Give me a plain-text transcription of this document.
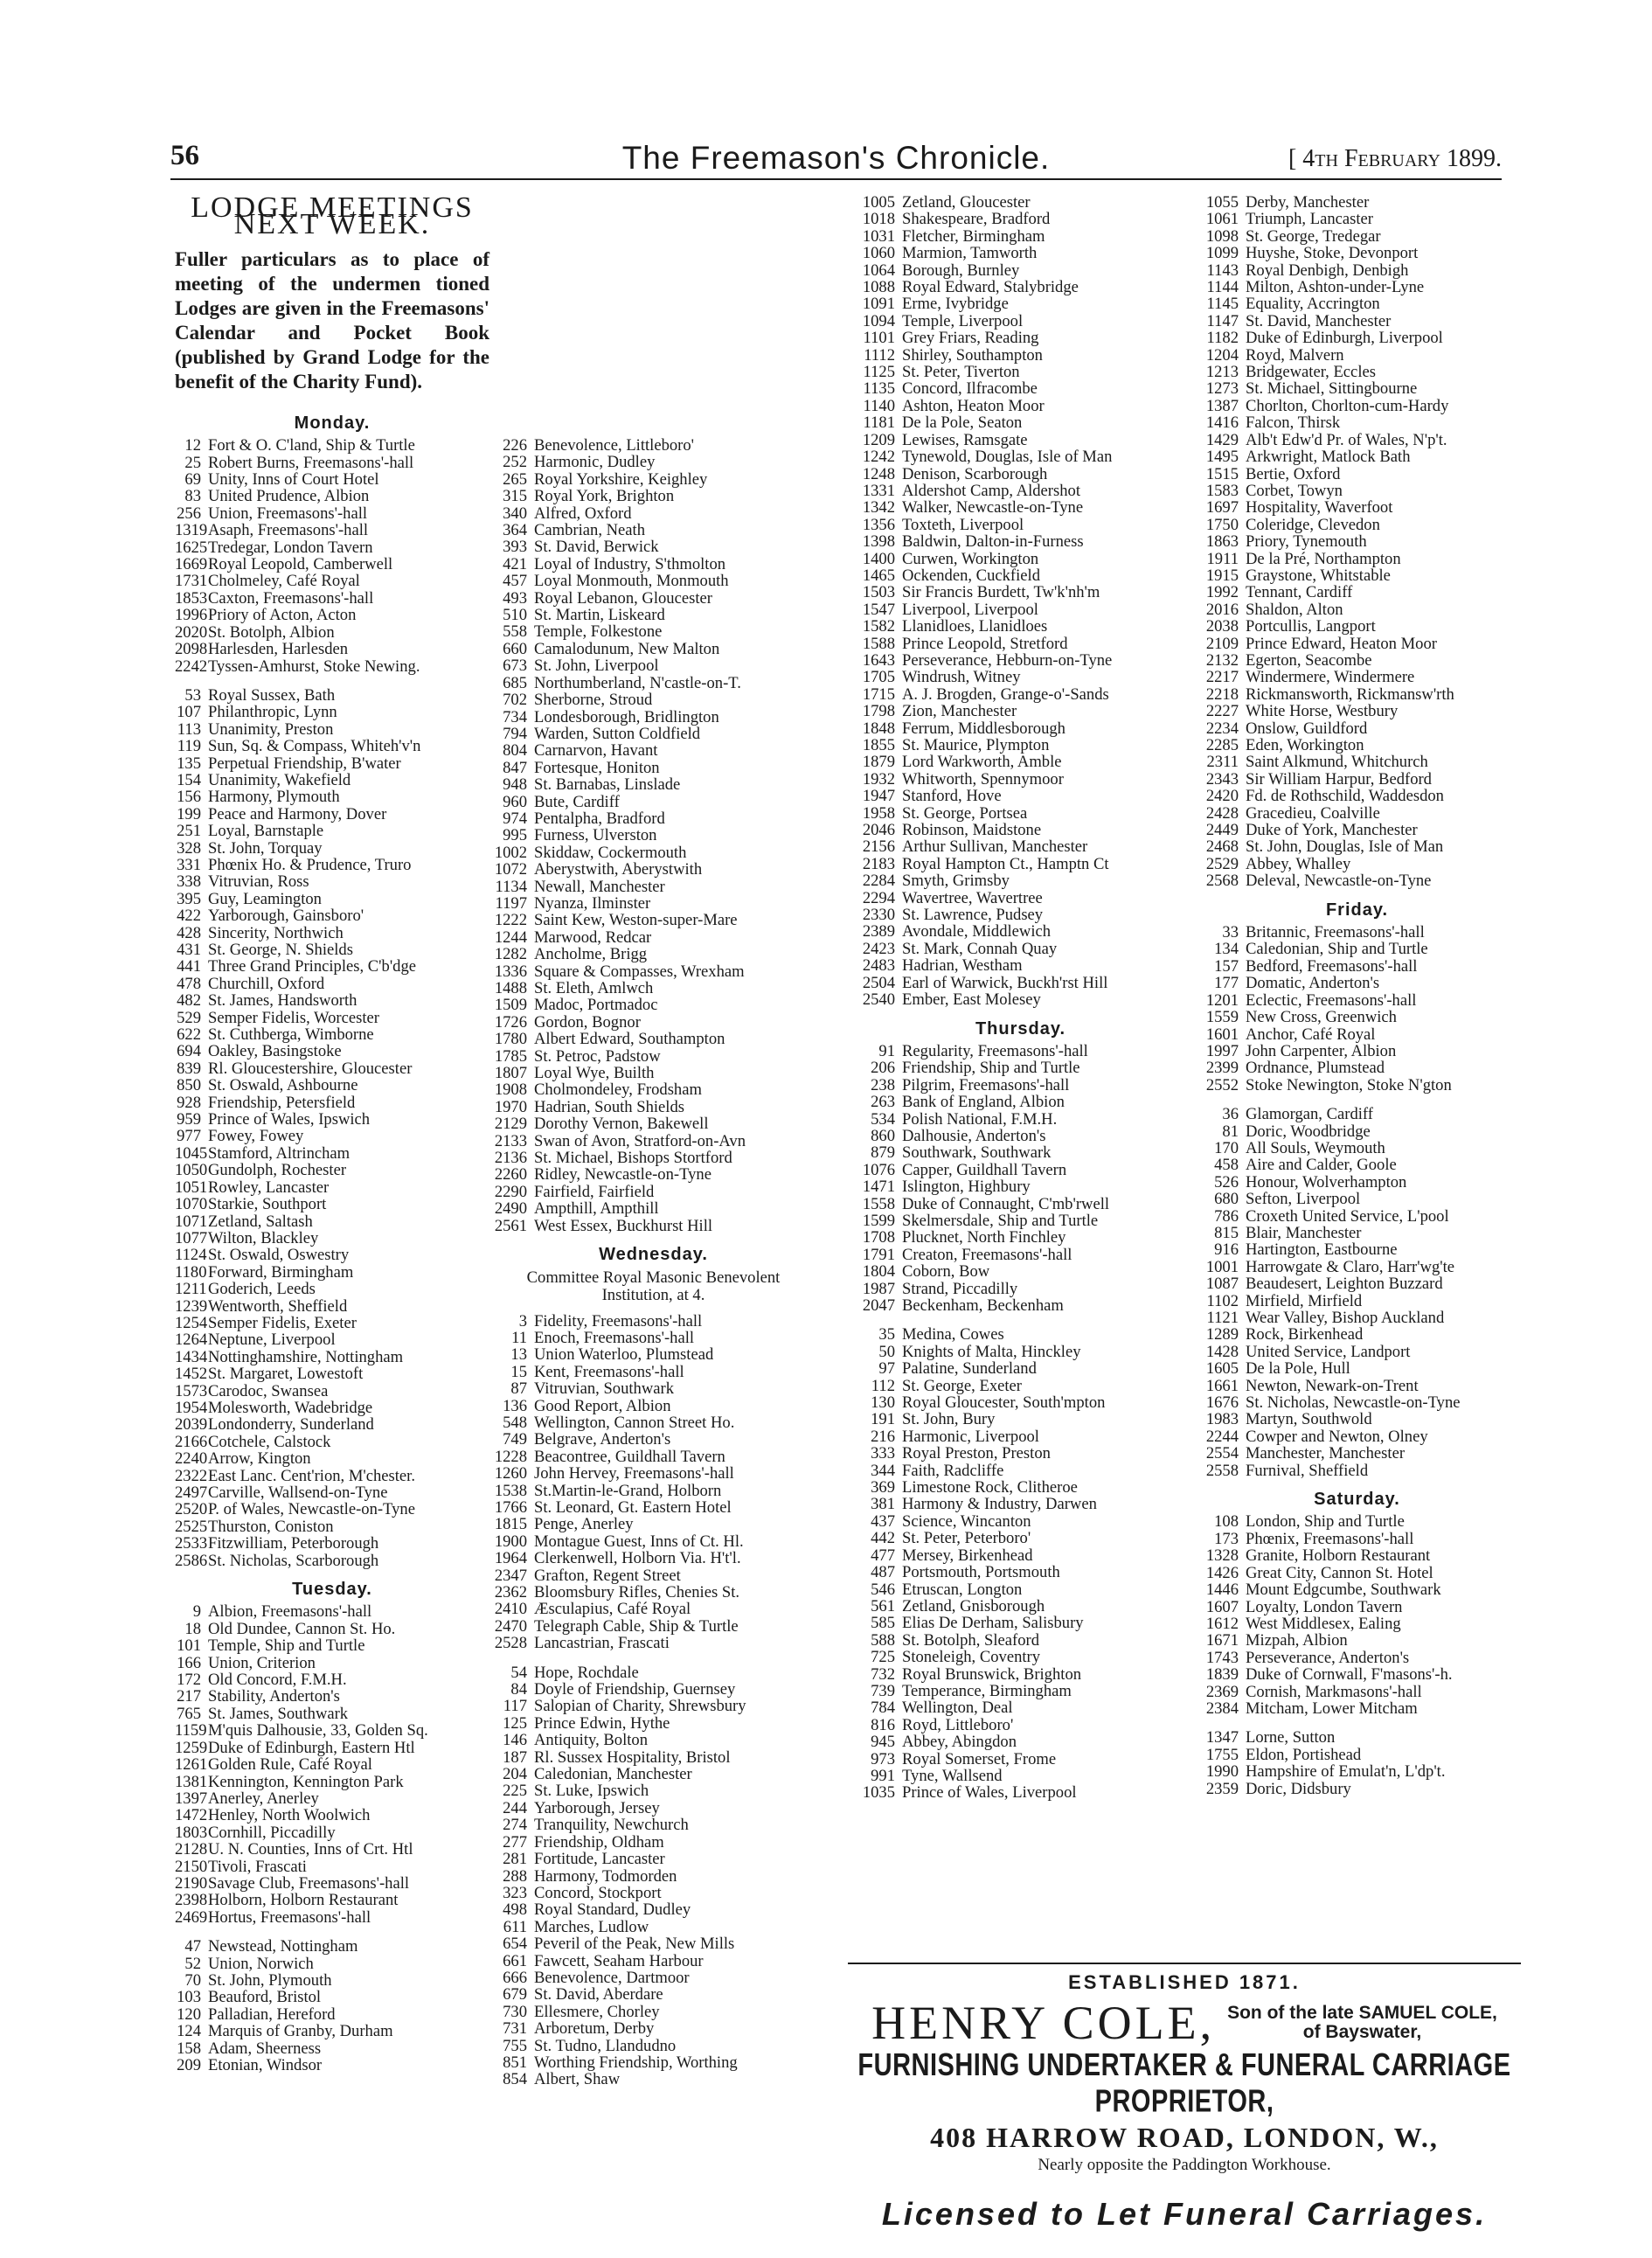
56	The Freemason's Chronicle.	[ 4th February 1899.
LODGE MEETINGS NEXT WEEK.
Fuller particulars as to place of meeting of the undermen tioned Lodges are given in the Freemasons' Calendar and Pocket Book (published by Grand Lodge for the benefit of the Charity Fund).
Monday.
12 Fort & O. C'land, Ship & Turtle
25 Robert Burns, Freemasons'-hall
69 Unity, Inns of Court Hotel
83 United Prudence, Albion
256 Union, Freemasons'-hall
1319 Asaph, Freemasons'-hall
1625 Tredegar, London Tavern
1669 Royal Leopold, Camberwell
1731 Cholmeley, Café Royal
1853 Caxton, Freemasons'-hall
1996 Priory of Acton, Acton
2020 St. Botolph, Albion
2098 Harlesden, Harlesden
2242 Tyssen-Amhurst, Stoke Newing.
53 Royal Sussex, Bath
107 Philanthropic, Lynn
113 Unanimity, Preston
119 Sun, Sq. & Compass, Whiteh'v'n
135 Perpetual Friendship, B'water
154 Unanimity, Wakefield
156 Harmony, Plymouth
199 Peace and Harmony, Dover
251 Loyal, Barnstaple
328 St. John, Torquay
331 Phœnix Ho. & Prudence, Truro
338 Vitruvian, Ross
395 Guy, Leamington
422 Yarborough, Gainsboro'
428 Sincerity, Northwich
431 St. George, N. Shields
441 Three Grand Principles, C'b'dge
478 Churchill, Oxford
482 St. James, Handsworth
529 Semper Fidelis, Worcester
622 St. Cuthberga, Wimborne
694 Oakley, Basingstoke
839 Rl. Gloucestershire, Gloucester
850 St. Oswald, Ashbourne
928 Friendship, Petersfield
959 Prince of Wales, Ipswich
977 Fowey, Fowey
1045 Stamford, Altrincham
1050 Gundolph, Rochester
1051 Rowley, Lancaster
1070 Starkie, Southport
1071 Zetland, Saltash
1077 Wilton, Blackley
1124 St. Oswald, Oswestry
1180 Forward, Birmingham
1211 Goderich, Leeds
1239 Wentworth, Sheffield
1254 Semper Fidelis, Exeter
1264 Neptune, Liverpool
1434 Nottinghamshire, Nottingham
1452 St. Margaret, Lowestoft
1573 Carodoc, Swansea
1954 Molesworth, Wadebridge
2039 Londonderry, Sunderland
2166 Cotchele, Calstock
2240 Arrow, Kington
2322 East Lanc. Cent'rion, M'chester.
2497 Carville, Wallsend-on-Tyne
2520 P. of Wales, Newcastle-on-Tyne
2525 Thurston, Coniston
2533 Fitzwilliam, Peterborough
2586 St. Nicholas, Scarborough
Tuesday.
9 Albion, Freemasons'-hall
18 Old Dundee, Cannon St. Ho.
101 Temple, Ship and Turtle
166 Union, Criterion
172 Old Concord, F.M.H.
217 Stability, Anderton's
765 St. James, Southwark
1159 M'quis Dalhousie, 33, Golden Sq.
1259 Duke of Edinburgh, Eastern Htl
1261 Golden Rule, Café Royal
1381 Kennington, Kennington Park
1397 Anerley, Anerley
1472 Henley, North Woolwich
1803 Cornhill, Piccadilly
2128 U. N. Counties, Inns of Crt. Htl
2150 Tivoli, Frascati
2190 Savage Club, Freemasons'-hall
2398 Holborn, Holborn Restaurant
2469 Hortus, Freemasons'-hall
47 Newstead, Nottingham
52 Union, Norwich
70 St. John, Plymouth
103 Beauford, Bristol
120 Palladian, Hereford
124 Marquis of Granby, Durham
158 Adam, Sheerness
209 Etonian, Windsor
226 Benevolence, Littleboro'
252 Harmonic, Dudley
265 Royal Yorkshire, Keighley
315 Royal York, Brighton
340 Alfred, Oxford
364 Cambrian, Neath
393 St. David, Berwick
421 Loyal of Industry, S'thmolton
457 Loyal Monmouth, Monmouth
493 Royal Lebanon, Gloucester
510 St. Martin, Liskeard
558 Temple, Folkestone
660 Camalodunum, New Malton
673 St. John, Liverpool
685 Northumberland, N'castle-on-T.
702 Sherborne, Stroud
734 Londesborough, Bridlington
794 Warden, Sutton Coldfield
804 Carnarvon, Havant
847 Fortesque, Honiton
948 St. Barnabas, Linslade
960 Bute, Cardiff
974 Pentalpha, Bradford
995 Furness, Ulverston
1002 Skiddaw, Cockermouth
1072 Aberystwith, Aberystwith
1134 Newall, Manchester
1197 Nyanza, Ilminster
1222 Saint Kew, Weston-super-Mare
1244 Marwood, Redcar
1282 Ancholme, Brigg
1336 Square & Compasses, Wrexham
1488 St. Eleth, Amlwch
1509 Madoc, Portmadoc
1726 Gordon, Bognor
1780 Albert Edward, Southampton
1785 St. Petroc, Padstow
1807 Loyal Wye, Builth
1908 Cholmondeley, Frodsham
1970 Hadrian, South Shields
2129 Dorothy Vernon, Bakewell
2133 Swan of Avon, Stratford-on-Avn
2136 St. Michael, Bishops Stortford
2260 Ridley, Newcastle-on-Tyne
2290 Fairfield, Fairfield
2490 Ampthill, Ampthill
2561 West Essex, Buckhurst Hill
Wednesday.
Committee Royal Masonic Benevolent Institution, at 4.
3 Fidelity, Freemasons'-hall
11 Enoch, Freemasons'-hall
13 Union Waterloo, Plumstead
15 Kent, Freemasons'-hall
87 Vitruvian, Southwark
136 Good Report, Albion
548 Wellington, Cannon Street Ho.
749 Belgrave, Anderton's
1228 Beacontree, Guildhall Tavern
1260 John Hervey, Freemasons'-hall
1538 St.Martin-le-Grand, Holborn
1766 St. Leonard, Gt. Eastern Hotel
1815 Penge, Anerley
1900 Montague Guest, Inns of Ct. Hl.
1964 Clerkenwell, Holborn Via. H't'l.
2347 Grafton, Regent Street
2362 Bloomsbury Rifles, Chenies St.
2410 Æsculapius, Café Royal
2470 Telegraph Cable, Ship & Turtle
2528 Lancastrian, Frascati
54 Hope, Rochdale
84 Doyle of Friendship, Guernsey
117 Salopian of Charity, Shrewsbury
125 Prince Edwin, Hythe
146 Antiquity, Bolton
187 Rl. Sussex Hospitality, Bristol
204 Caledonian, Manchester
225 St. Luke, Ipswich
244 Yarborough, Jersey
274 Tranquility, Newchurch
277 Friendship, Oldham
281 Fortitude, Lancaster
288 Harmony, Todmorden
323 Concord, Stockport
498 Royal Standard, Dudley
611 Marches, Ludlow
654 Peveril of the Peak, New Mills
661 Fawcett, Seaham Harbour
666 Benevolence, Dartmoor
679 St. David, Aberdare
730 Ellesmere, Chorley
731 Arboretum, Derby
755 St. Tudno, Llandudno
851 Worthing Friendship, Worthing
854 Albert, Shaw
1005 Zetland, Gloucester
1018 Shakespeare, Bradford
1031 Fletcher, Birmingham
1060 Marmion, Tamworth
1064 Borough, Burnley
1088 Royal Edward, Stalybridge
1091 Erme, Ivybridge
1094 Temple, Liverpool
1101 Grey Friars, Reading
1112 Shirley, Southampton
1125 St. Peter, Tiverton
1135 Concord, Ilfracombe
1140 Ashton, Heaton Moor
1181 De la Pole, Seaton
1209 Lewises, Ramsgate
1242 Tynewold, Douglas, Isle of Man
1248 Denison, Scarborough
1331 Aldershot Camp, Aldershot
1342 Walker, Newcastle-on-Tyne
1356 Toxteth, Liverpool
1398 Baldwin, Dalton-in-Furness
1400 Curwen, Workington
1465 Ockenden, Cuckfield
1503 Sir Francis Burdett, Tw'k'nh'm
1547 Liverpool, Liverpool
1582 Llanidloes, Llanidloes
1588 Prince Leopold, Stretford
1643 Perseverance, Hebburn-on-Tyne
1705 Windrush, Witney
1715 A. J. Brogden, Grange-o'-Sands
1798 Zion, Manchester
1848 Ferrum, Middlesborough
1855 St. Maurice, Plympton
1879 Lord Warkworth, Amble
1932 Whitworth, Spennymoor
1947 Stanford, Hove
1958 St. George, Portsea
2046 Robinson, Maidstone
2156 Arthur Sullivan, Manchester
2183 Royal Hampton Ct., Hamptn Ct
2284 Smyth, Grimsby
2294 Wavertree, Wavertree
2330 St. Lawrence, Pudsey
2389 Avondale, Middlewich
2423 St. Mark, Connah Quay
2483 Hadrian, Westham
2504 Earl of Warwick, Buckh'rst Hill
2540 Ember, East Molesey
Thursday.
91 Regularity, Freemasons'-hall
206 Friendship, Ship and Turtle
238 Pilgrim, Freemasons'-hall
263 Bank of England, Albion
534 Polish National, F.M.H.
860 Dalhousie, Anderton's
879 Southwark, Southwark
1076 Capper, Guildhall Tavern
1471 Islington, Highbury
1558 Duke of Connaught, C'mb'rwell
1599 Skelmersdale, Ship and Turtle
1708 Plucknet, North Finchley
1791 Creaton, Freemasons'-hall
1804 Coborn, Bow
1987 Strand, Piccadilly
2047 Beckenham, Beckenham
35 Medina, Cowes
50 Knights of Malta, Hinckley
97 Palatine, Sunderland
112 St. George, Exeter
130 Royal Gloucester, South'mpton
191 St. John, Bury
216 Harmonic, Liverpool
333 Royal Preston, Preston
344 Faith, Radcliffe
369 Limestone Rock, Clitheroe
381 Harmony & Industry, Darwen
437 Science, Wincanton
442 St. Peter, Peterboro'
477 Mersey, Birkenhead
487 Portsmouth, Portsmouth
546 Etruscan, Longton
561 Zetland, Gnisborough
585 Elias De Derham, Salisbury
588 St. Botolph, Sleaford
725 Stoneleigh, Coventry
732 Royal Brunswick, Brighton
739 Temperance, Birmingham
784 Wellington, Deal
816 Royd, Littleboro'
945 Abbey, Abingdon
973 Royal Somerset, Frome
991 Tyne, Wallsend
1035 Prince of Wales, Liverpool
1055 Derby, Manchester
1061 Triumph, Lancaster
1098 St. George, Tredegar
1099 Huyshe, Stoke, Devonport
1143 Royal Denbigh, Denbigh
1144 Milton, Ashton-under-Lyne
1145 Equality, Accrington
1147 St. David, Manchester
1182 Duke of Edinburgh, Liverpool
1204 Royd, Malvern
1213 Bridgewater, Eccles
1273 St. Michael, Sittingbourne
1387 Chorlton, Chorlton-cum-Hardy
1416 Falcon, Thirsk
1429 Alb't Edw'd Pr. of Wales, N'p't.
1495 Arkwright, Matlock Bath
1515 Bertie, Oxford
1583 Corbet, Towyn
1697 Hospitality, Waverfoot
1750 Coleridge, Clevedon
1863 Priory, Tynemouth
1911 De la Pré, Northampton
1915 Graystone, Whitstable
1992 Tennant, Cardiff
2016 Shaldon, Alton
2038 Portcullis, Langport
2109 Prince Edward, Heaton Moor
2132 Egerton, Seacombe
2217 Windermere, Windermere
2218 Rickmansworth, Rickmansw'rth
2227 White Horse, Westbury
2234 Onslow, Guildford
2285 Eden, Workington
2311 Saint Alkmund, Whitchurch
2343 Sir William Harpur, Bedford
2420 Fd. de Rothschild, Waddesdon
2428 Gracedieu, Coalville
2449 Duke of York, Manchester
2468 St. John, Douglas, Isle of Man
2529 Abbey, Whalley
2568 Deleval, Newcastle-on-Tyne
Friday.
33 Britannic, Freemasons'-hall
134 Caledonian, Ship and Turtle
157 Bedford, Freemasons'-hall
177 Domatic, Anderton's
1201 Eclectic, Freemasons'-hall
1559 New Cross, Greenwich
1601 Anchor, Café Royal
1997 John Carpenter, Albion
2399 Ordnance, Plumstead
2552 Stoke Newington, Stoke N'gton
36 Glamorgan, Cardiff
81 Doric, Woodbridge
170 All Souls, Weymouth
458 Aire and Calder, Goole
526 Honour, Wolverhampton
680 Sefton, Liverpool
786 Croxeth United Service, L'pool
815 Blair, Manchester
916 Hartington, Eastbourne
1001 Harrowgate & Claro, Harr'wg'te
1087 Beaudesert, Leighton Buzzard
1102 Mirfield, Mirfield
1121 Wear Valley, Bishop Auckland
1289 Rock, Birkenhead
1428 United Service, Landport
1605 De la Pole, Hull
1661 Newton, Newark-on-Trent
1676 St. Nicholas, Newcastle-on-Tyne
1983 Martyn, Southwold
2244 Cowper and Newton, Olney
2554 Manchester, Manchester
2558 Furnival, Sheffield
Saturday.
108 London, Ship and Turtle
173 Phœnix, Freemasons'-hall
1328 Granite, Holborn Restaurant
1426 Great City, Cannon St. Hotel
1446 Mount Edgcumbe, Southwark
1607 Loyalty, London Tavern
1612 West Middlesex, Ealing
1671 Mizpah, Albion
1743 Perseverance, Anderton's
1839 Duke of Cornwall, F'masons'-h.
2369 Cornish, Markmasons'-hall
2384 Mitcham, Lower Mitcham
1347 Lorne, Sutton
1755 Eldon, Portishead
1990 Hampshire of Emulat'n, L'dp't.
2359 Doric, Didsbury
ESTABLISHED 1871.
HENRY COLE, Son of the late SAMUEL COLE,
of Bayswater,
FURNISHING UNDERTAKER & FUNERAL CARRIAGE PROPRIETOR,
408 HARROW ROAD, LONDON, W.,
Nearly opposite the Paddington Workhouse.
Licensed to Let Funeral Carriages.
